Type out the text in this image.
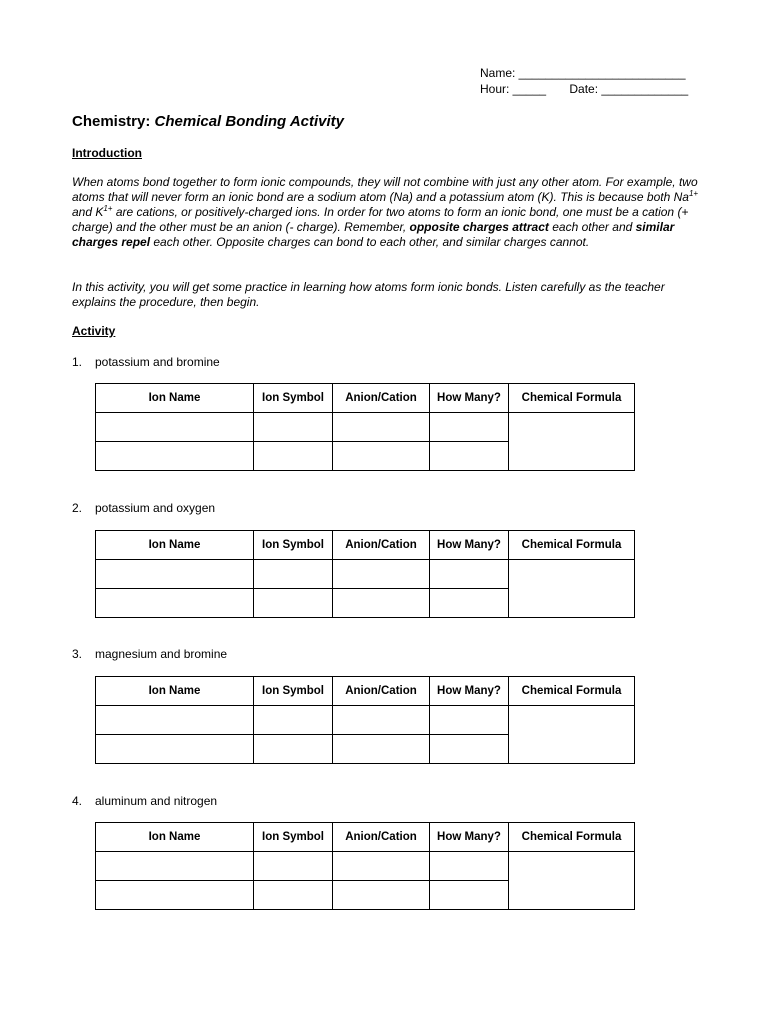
Name: _________________________
Hour: _____       Date: _____________
Chemistry: Chemical Bonding Activity
Introduction
When atoms bond together to form ionic compounds, they will not combine with just any other atom. For example, two atoms that will never form an ionic bond are a sodium atom (Na) and a potassium atom (K). This is because both $Na^{1+}$ and $K^{1+}$ are cations, or positively-charged ions. In order for two atoms to form an ionic bond, one must be a cation (+ charge) and the other must be an anion (- charge). Remember, opposite charges attract each other and similar charges repel each other. Opposite charges can bond to each other, and similar charges cannot.
In this activity, you will get some practice in learning how atoms form ionic bonds. Listen carefully as the teacher explains the procedure, then begin.
Activity
1. potassium and bromine
Ion Name	Ion Symbol	Anion/Cation	How Many?	Chemical Formula

2. potassium and oxygen
Ion Name	Ion Symbol	Anion/Cation	How Many?	Chemical Formula

3. magnesium and bromine
Ion Name	Ion Symbol	Anion/Cation	How Many?	Chemical Formula

4. aluminum and nitrogen
Ion Name	Ion Symbol	Anion/Cation	How Many?	Chemical Formula
